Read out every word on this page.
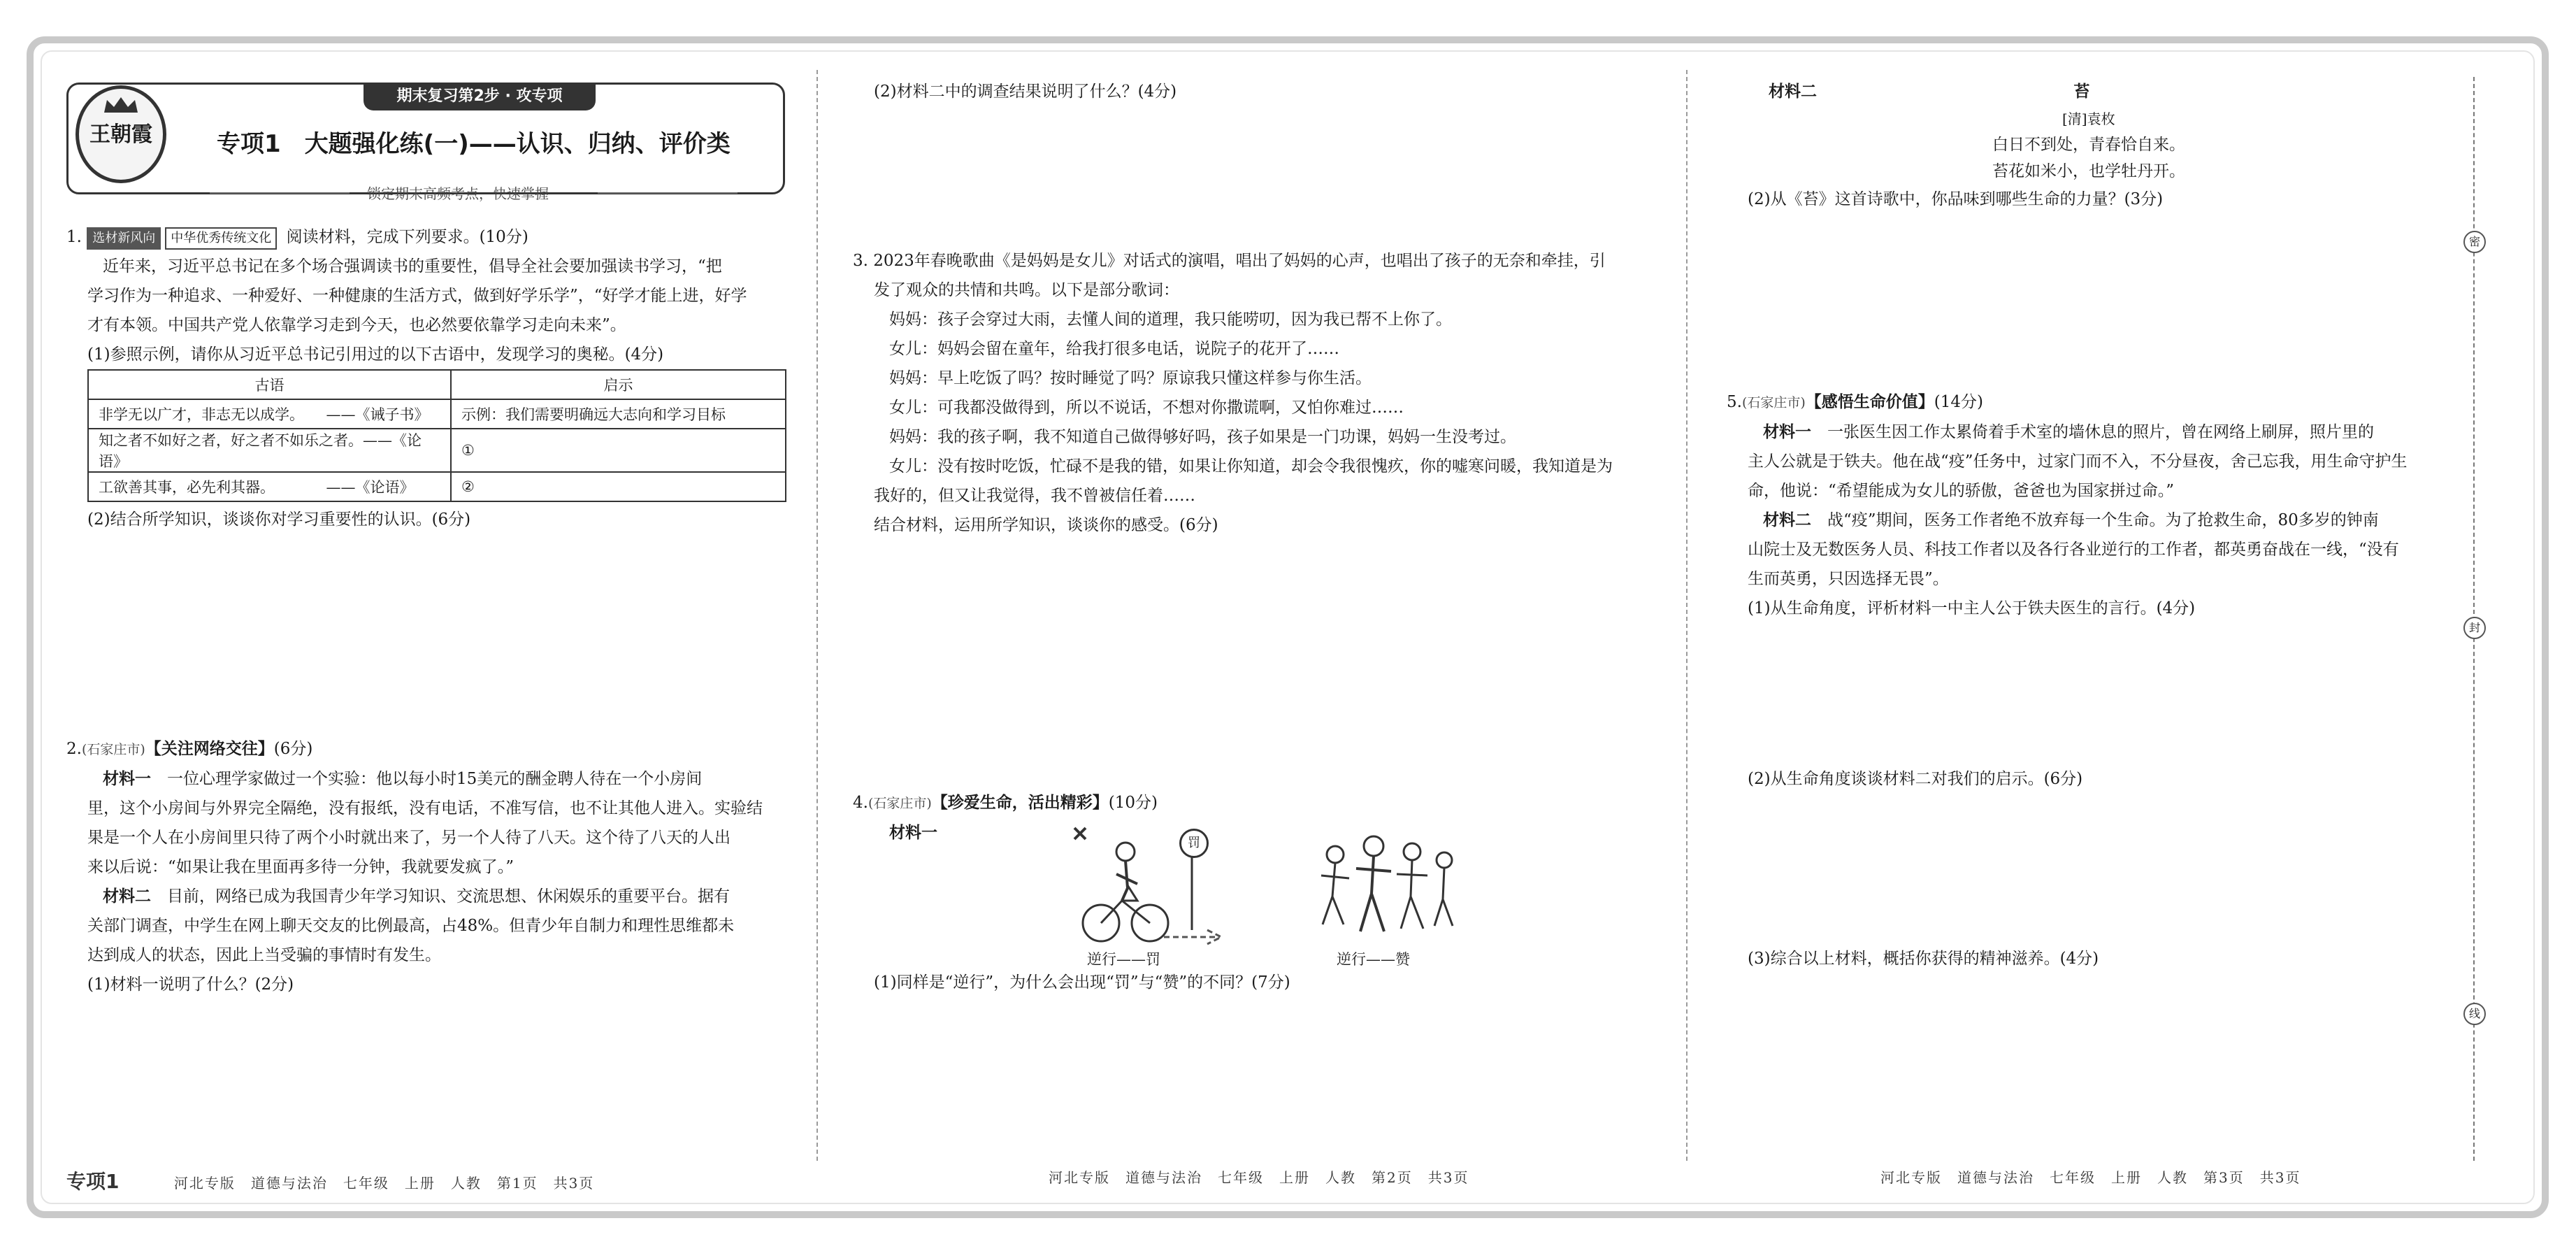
王朝霞
期末复习第2步 · 攻专项
专项1　大题强化练(一)——认识、归纳、评价类
锁定期末高频考点，快速掌握

1. 选材新风向 中华优秀传统文化 阅读材料，完成下列要求。(10分)

近年来，习近平总书记在多个场合强调读书的重要性，倡导全社会要加强读书学习，“把

学习作为一种追求、一种爱好、一种健康的生活方式，做到好学乐学”，“好学才能上进，好学

才有本领。中国共产党人依靠学习走到今天，也必然要依靠学习走向未来”。

(1)参照示例，请你从习近平总书记引用过的以下古语中，发现学习的奥秘。(4分)

古语	启示
非学无以广才，非志无以成学。　　——《诫子书》	示例：我们需要明确远大志向和学习目标
知之者不如好之者，好之者不如乐之者。——《论语》	①
工欲善其事，必先利其器。　　　　——《论语》	②

(2)结合所学知识，谈谈你对学习重要性的认识。(6分)

2.(石家庄市)【关注网络交往】(6分)

材料一　 一位心理学家做过一个实验：他以每小时15美元的酬金聘人待在一个小房间

里，这个小房间与外界完全隔绝，没有报纸，没有电话，不准写信，也不让其他人进入。实验结

果是一个人在小房间里只待了两个小时就出来了，另一个人待了八天。这个待了八天的人出

来以后说：“如果让我在里面再多待一分钟，我就要发疯了。”

材料二　 目前，网络已成为我国青少年学习知识、交流思想、休闲娱乐的重要平台。据有

关部门调查，中学生在网上聊天交友的比例最高，占48%。但青少年自制力和理性思维都未

达到成人的状态，因此上当受骗的事情时有发生。

(1)材料一说明了什么？(2分)

专项1	河北专版　道德与法治　七年级　上册　人教　第1页　共3页

(2)材料二中的调查结果说明了什么？(4分)

3. 2023年春晚歌曲《是妈妈是女儿》对话式的演唱，唱出了妈妈的心声，也唱出了孩子的无奈和牵挂，引

发了观众的共情和共鸣。以下是部分歌词：

妈妈：孩子会穿过大雨，去懂人间的道理，我只能唠叨，因为我已帮不上你了。

女儿：妈妈会留在童年，给我打很多电话，说院子的花开了……

妈妈：早上吃饭了吗？按时睡觉了吗？原谅我只懂这样参与你生活。

女儿：可我都没做得到，所以不说话，不想对你撒谎啊，又怕你难过……

妈妈：我的孩子啊，我不知道自己做得够好吗，孩子如果是一门功课，妈妈一生没考过。

女儿：没有按时吃饭，忙碌不是我的错，如果让你知道，却会令我很愧疚，你的嘘寒问暖，我知道是为

我好的，但又让我觉得，我不曾被信任着……

结合材料，运用所学知识，谈谈你的感受。(6分)

4.(石家庄市)【珍爱生命，活出精彩】(10分)

材料一

罚
逆行——罚	逆行——赞

(1)同样是“逆行”，为什么会出现“罚”与“赞”的不同？(7分)

河北专版　道德与法治　七年级　上册　人教　第2页　共3页

材料二	苔

[清]袁枚

白日不到处，青春恰自来。

苔花如米小，也学牡丹开。

(2)从《苔》这首诗歌中，你品味到哪些生命的力量？(3分)

5.(石家庄市)【感悟生命价值】(14分)

材料一　 一张医生因工作太累倚着手术室的墙休息的照片，曾在网络上刷屏，照片里的

主人公就是于铁夫。他在战“疫”任务中，过家门而不入，不分昼夜，舍己忘我，用生命守护生

命，他说：“希望能成为女儿的骄傲，爸爸也为国家拼过命。”

材料二　 战“疫”期间，医务工作者绝不放弃每一个生命。为了抢救生命，80多岁的钟南

山院士及无数医务人员、科技工作者以及各行各业逆行的工作者，都英勇奋战在一线，“没有

生而英勇，只因选择无畏”。

(1)从生命角度，评析材料一中主人公于铁夫医生的言行。(4分)

(2)从生命角度谈谈材料二对我们的启示。(6分)

(3)综合以上材料，概括你获得的精神滋养。(4分)

河北专版　道德与法治　七年级　上册　人教　第3页　共3页
密
封
线
